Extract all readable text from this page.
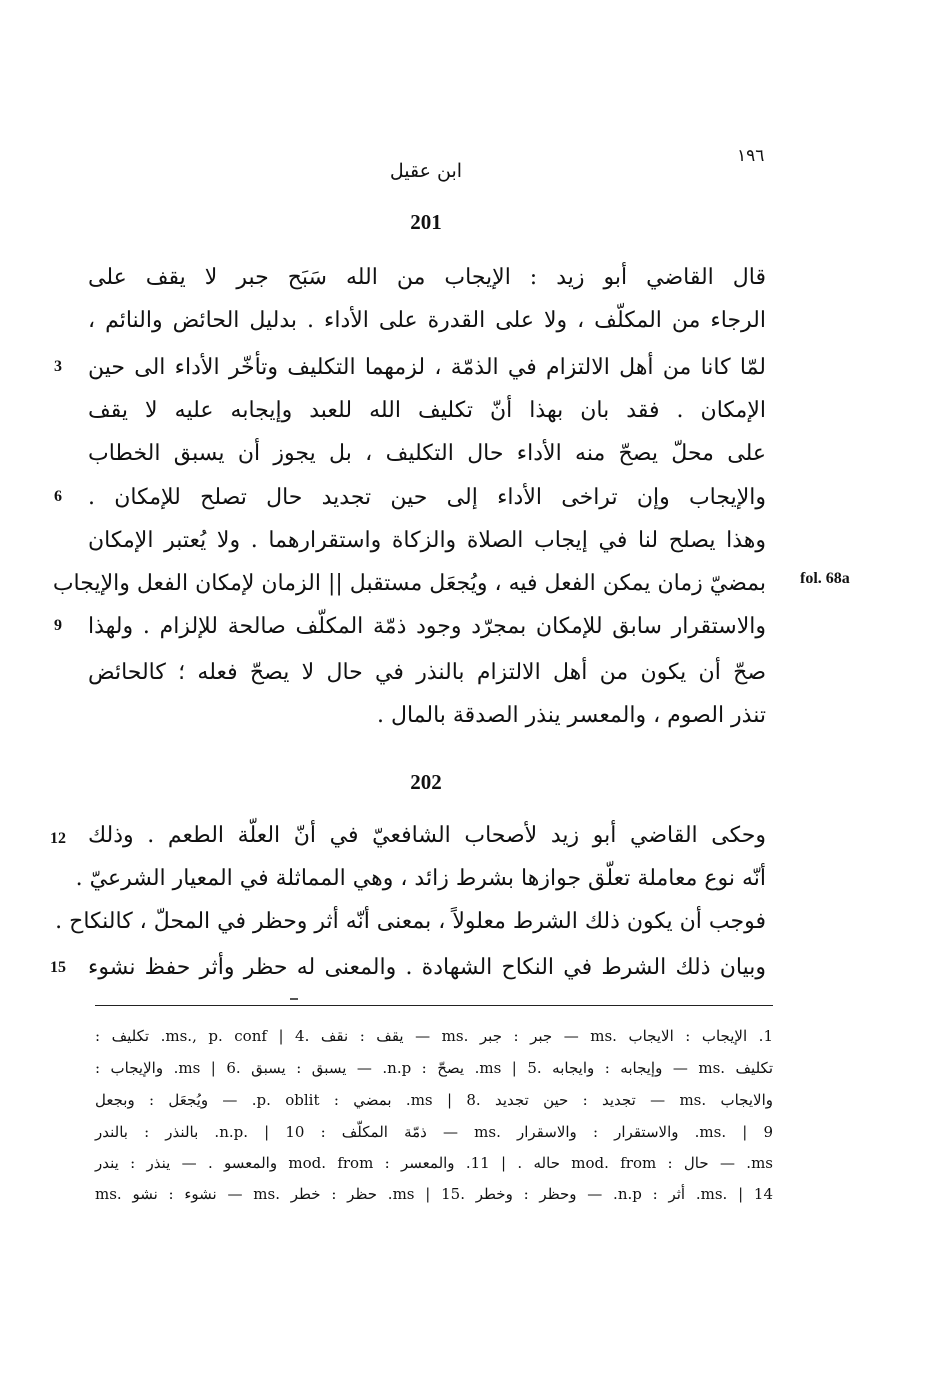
١٩٦
ابن عقيل
201
قال القاضي أبو زيد : الإيجاب من الله سَبَح جبر لا يقف على
الرجاء من المكلّف ، ولا على القدرة على الأداء . بدليل الحائض والنائم ،
لمّا كانا من أهل الالتزام في الذمّة ، لزمهما التكليف وتأخّر الأداء الى حين
الإمكان . فقد بان بهذا أنّ تكليف الله للعبد وإيجابه عليه لا يقف
على محلّ يصحّ منه الأداء حال التكليف ، بل يجوز أن يسبق الخطاب
والإيجاب وإن تراخى الأداء إلى حين تجديد حال تصلح للإمكان .
وهذا يصلح لنا في إيجاب الصلاة والزكاة واستقرارهما . ولا يُعتبر الإمكان
بمضيّ زمان يمكن الفعل فيه ، ويُجعَل مستقبل || الزمان لإمكان الفعل والإيجاب
والاستقرار سابق للإمكان بمجرّد وجود ذمّة المكلّف صالحة للإلزام . ولهذا
صحّ أن يكون من أهل الالتزام بالنذر في حال لا يصحّ فعله ؛ كالحائض
تنذر الصوم ، والمعسر ينذر الصدقة بالمال .
3
6
9
fol. 68a
202
وحكى القاضي أبو زيد لأصحاب الشافعيّ في أنّ العلّة الطعم . وذلك
أنّه نوع معاملة تعلّق جوازها بشرط زائد ، وهي المماثلة في المعيار الشرعيّ .
فوجب أن يكون ذلك الشرط معلولاً ، بمعنى أنّه أثر وحظر في المحلّ ، كالنكاح .
وبيان ذلك الشرط في النكاح الشهادة . والمعنى له حظر وأثر حفظ نشوء
12
15
1. الإيجاب : الايجاب .ms — جبر : جبر .ms — يقف : نقف .ms., p. conf | 4. تكليف :
تكليف .ms — وإيجابه : وايجابه .ms | 5. يصحّ : n.p. — يسبق : يسبق .ms | 6. والإيجاب :
والايجاب .ms — تجديد : حين تجديد .ms | 8. بمضي : p. oblit. — ويُجعَل : وبجعل
ms. | 9. والاستقرار : والاسقرار .ms — ذمّة المكلّف : n.p. | 10. بالنذر : بالندر
ms. — حال : mod. from حاله . | 11. والمعسر : mod. from والمعسو . — ينذر : يندر
ms. | 14. أثر : n.p. — وحظر : وخطر .ms | 15. حظر : خطر .ms — نشوء : نشو .ms
